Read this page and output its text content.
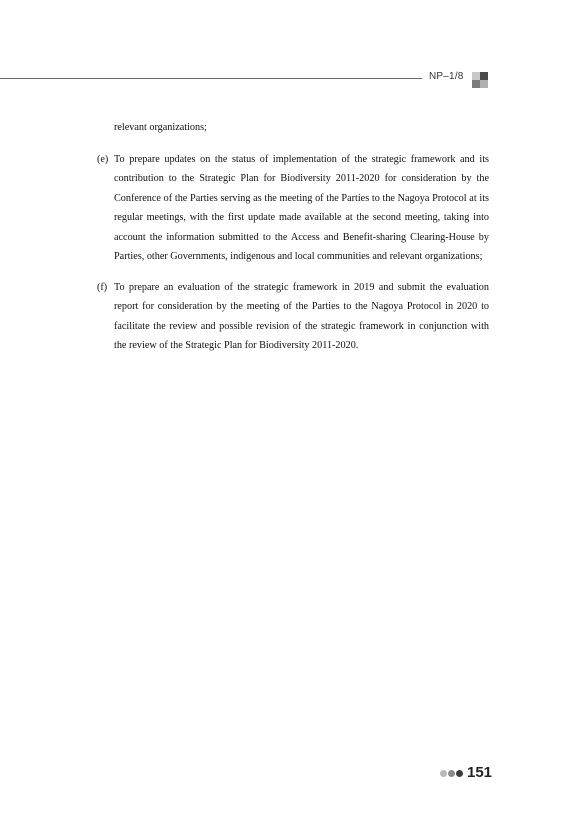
NP–1/8

relevant organizations;

(e) To prepare updates on the status of implementation of the strategic framework and its contribution to the Strategic Plan for Biodiversity 2011-2020 for consideration by the Conference of the Parties serving as the meeting of the Parties to the Nagoya Protocol at its regular meetings, with the first update made available at the second meeting, taking into account the information submitted to the Access and Benefit-sharing Clearing-House by Parties, other Governments, indigenous and local communities and relevant organizations;
(f) To prepare an evaluation of the strategic framework in 2019 and submit the evaluation report for consideration by the meeting of the Parties to the Nagoya Protocol in 2020 to facilitate the review and possible revision of the strategic framework in conjunction with the review of the Strategic Plan for Biodiversity 2011-2020.
151
